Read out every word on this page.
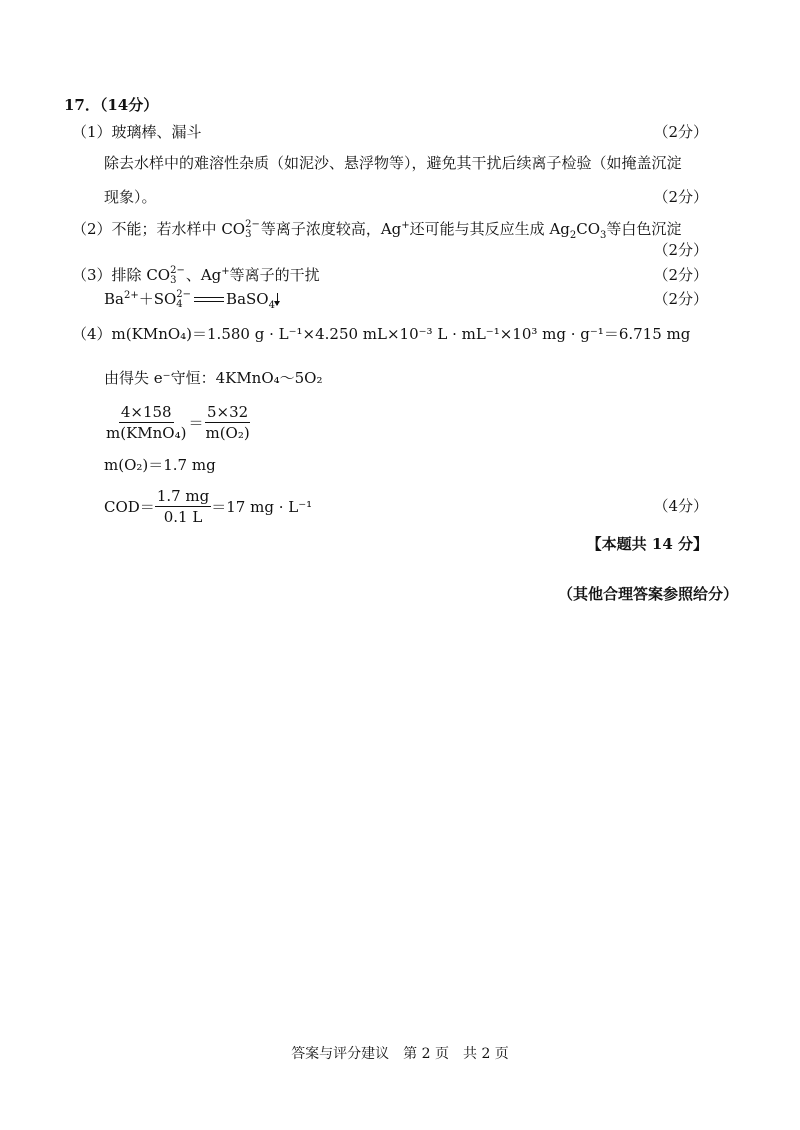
17．（14分）
（1）玻璃棒、漏斗	（2分）
除去水样中的难溶性杂质（如泥沙、悬浮物等），避免其干扰后续离子检验（如掩盖沉淀
现象）。	（2分）
（2）不能；若水样中 CO 2−
3 等离子浓度较高，Ag+还可能与其反应生成 $Ag_2CO_3$等白色沉淀
（2分）
（3）排除 CO 2−
3 、Ag+等离子的干扰	（2分）
$Ba^{2+}+SO$ 2−
4	BaSO$_4$	（2分）
（4）m(KMnO₄)＝1.580 g · L⁻¹×4.250 mL×10⁻³ L · mL⁻¹×10³ mg · g⁻¹＝6.715 mg
由得失 e⁻守恒：4KMnO₄～5O₂
$\frac{4\times 158}{\text{m(KMnO₄)}} = \frac{5\times 32}{\text{m(O₂)}}$
m(O₂)＝1.7 mg
$COD= \frac{1.7 mg}{0.1 L} =17$ mg · L⁻¹	（4分）
【本题共 14 分】
（其他合理答案参照给分）
答案与评分建议　第 2 页　共 2 页
